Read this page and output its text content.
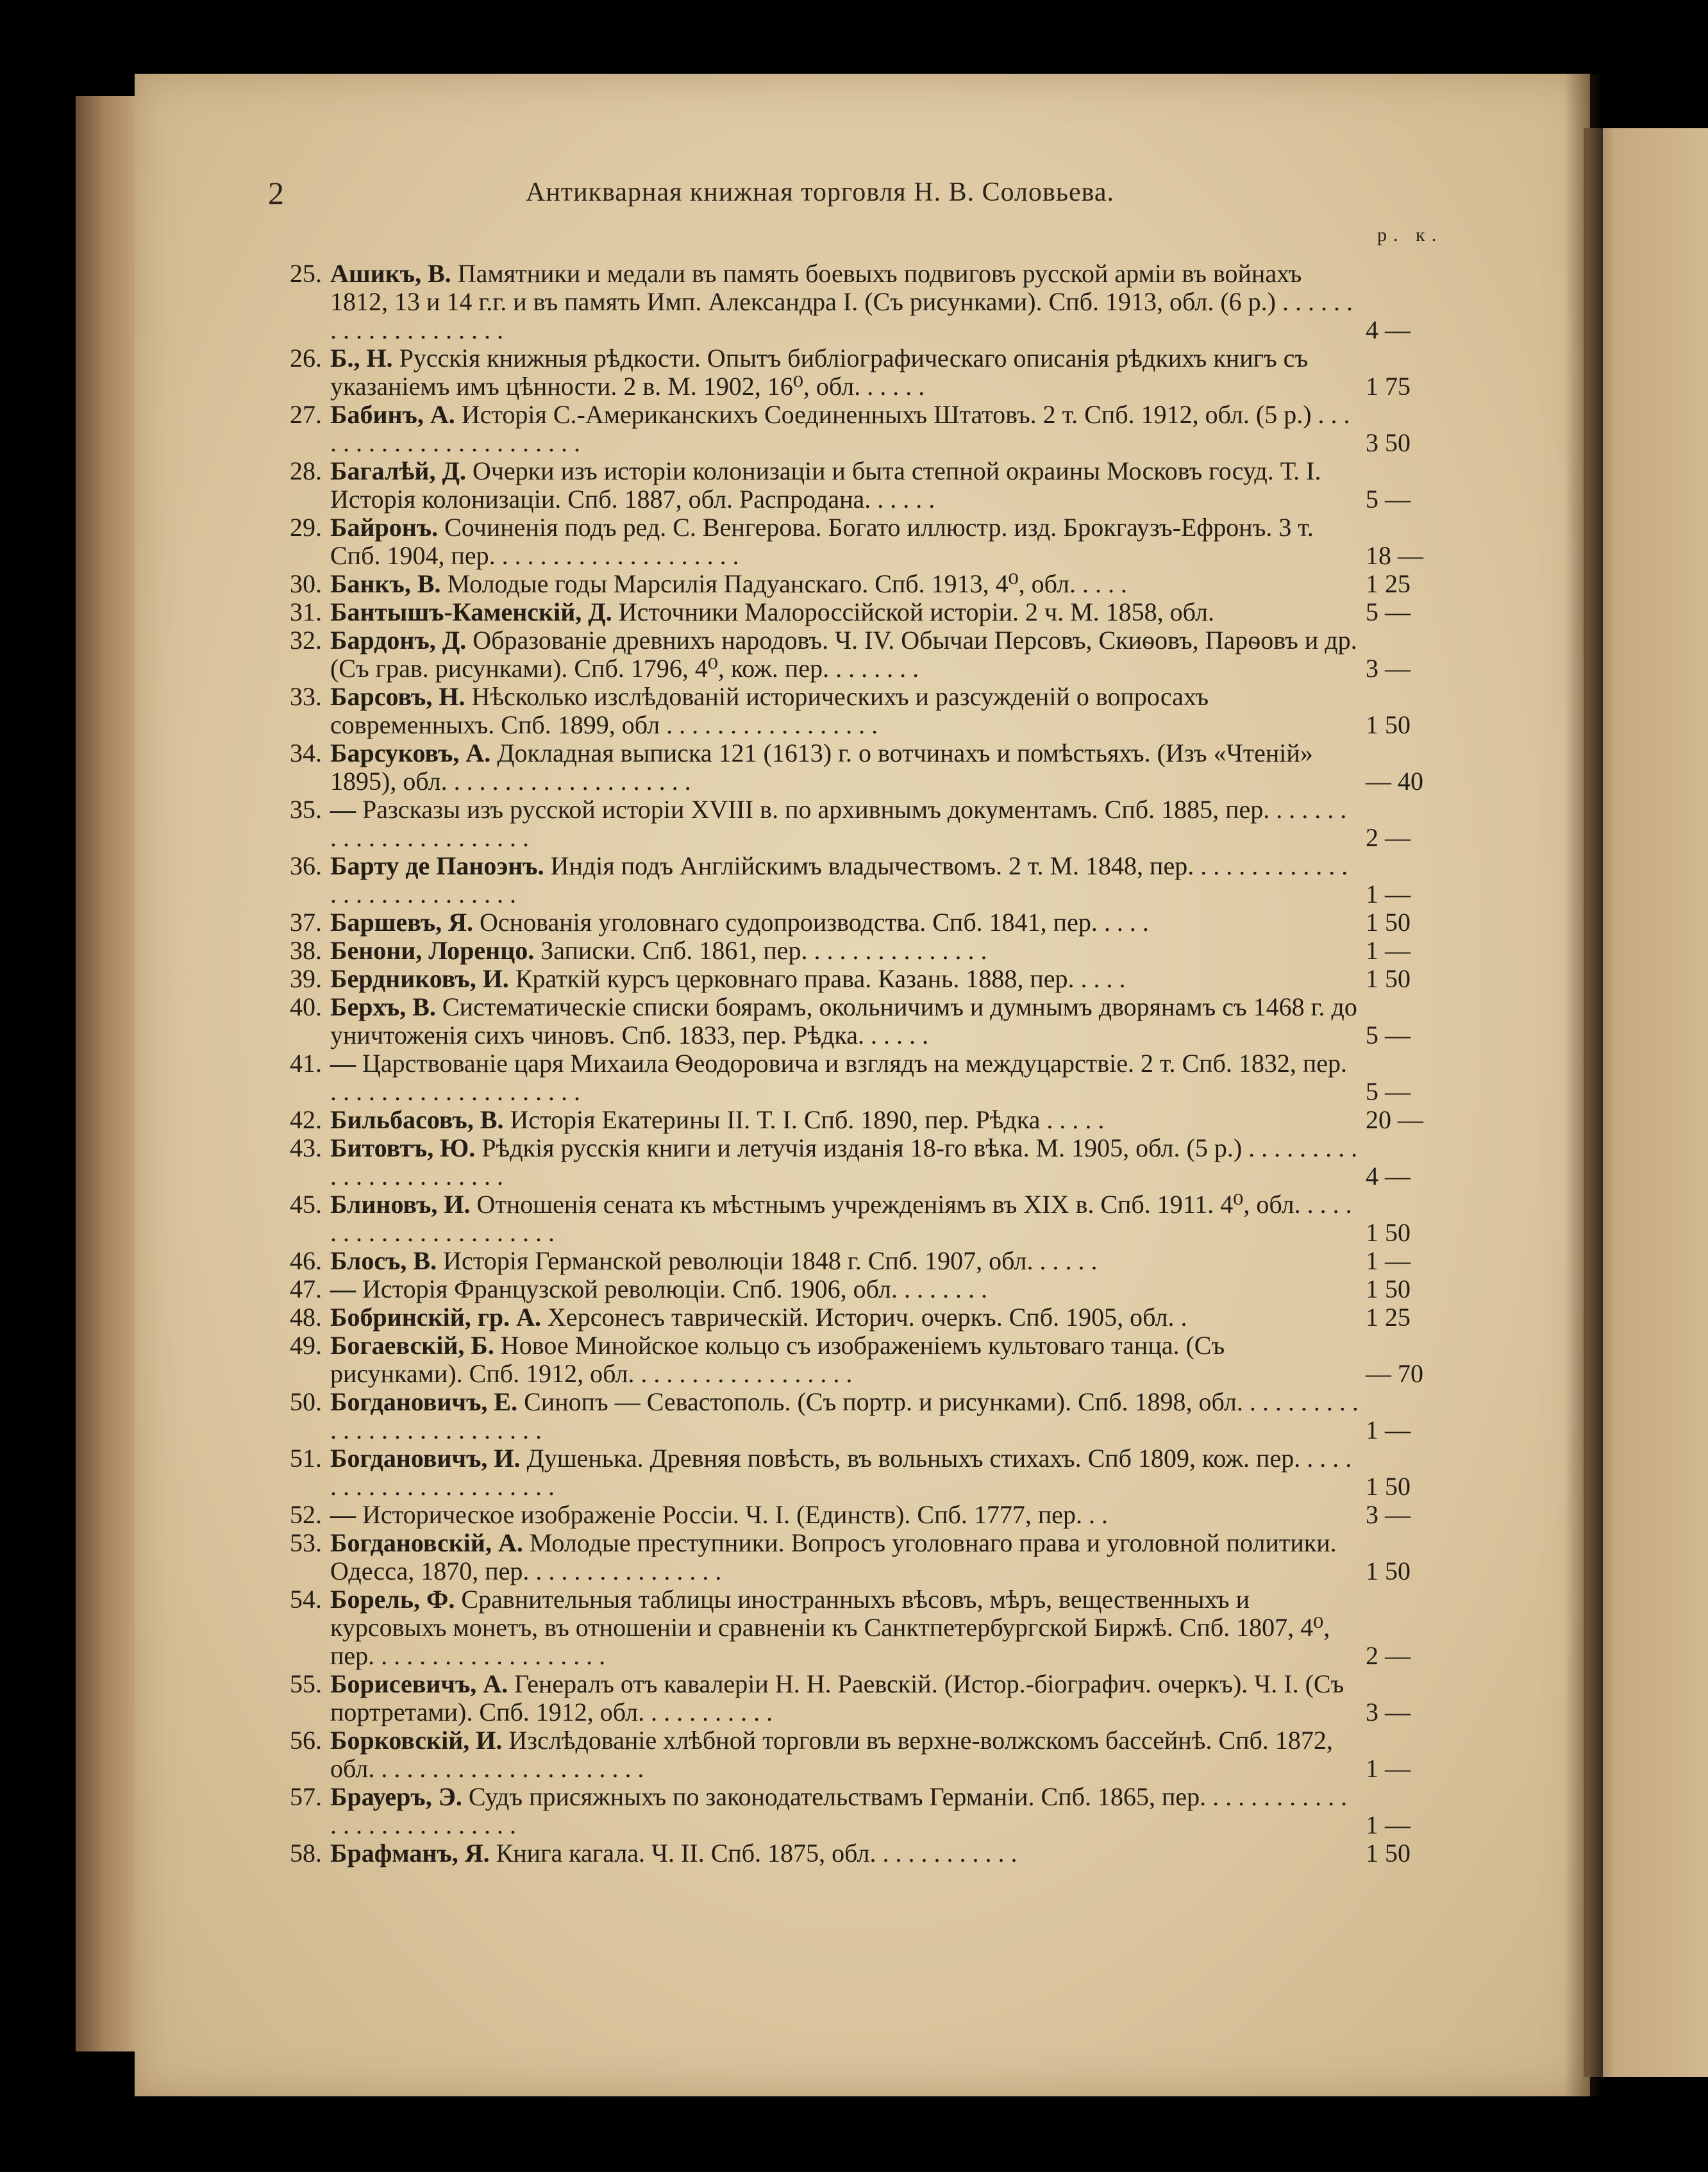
2	Антикварная книжная торговля Н. В. Соловьева.
р. к.
25. Ашикъ, В. Памятники и медали въ память боевыхъ подвиговъ русской арміи въ войнахъ 1812, 13 и 14 г.г. и въ память Имп. Александра I. (Съ рисунками). Спб. 1913, обл. (6 р.) . . . . . . . . . . . . . . . . . . . .	4 —
26. Б., Н. Русскія книжныя рѣдкости. Опытъ библіографическаго описанія рѣдкихъ книгъ съ указаніемъ имъ цѣнности. 2 в. М. 1902, 16⁰, обл. . . . . .	1 75
27. Бабинъ, А. Исторія С.-Американскихъ Соединенныхъ Штатовъ. 2 т. Спб. 1912, обл. (5 р.) . . . . . . . . . . . . . . . . . . . . . . .	3 50
28. Багалѣй, Д. Очерки изъ исторіи колонизаціи и быта степной окраины Московъ госуд. Т. I. Исторія колонизаціи. Спб. 1887, обл. Распродана. . . . . .	5 —
29. Байронъ. Сочиненія подъ ред. С. Венгерова. Богато иллюстр. изд. Брокгаузъ-Ефронъ. 3 т. Спб. 1904, пер. . . . . . . . . . . . . . . . . . . .	18 —
30. Банкъ, В. Молодые годы Марсилія Падуанскаго. Спб. 1913, 4⁰, обл. . . . .	1 25
31. Бантышъ-Каменскій, Д. Источники Малороссійской исторіи. 2 ч. М. 1858, обл.	5 —
32. Бардонъ, Д. Образованіе древнихъ народовъ. Ч. IV. Обычаи Персовъ, Скиѳовъ, Парѳовъ и др. (Съ грав. рисунками). Спб. 1796, 4⁰, кож. пер. . . . . . . .	3 —
33. Барсовъ, Н. Нѣсколько изслѣдованій историческихъ и разсужденій о вопросахъ современныхъ. Спб. 1899, обл . . . . . . . . . . . . . . . . .	1 50
34. Барсуковъ, А. Докладная выписка 121 (1613) г. о вотчинахъ и помѣстьяхъ. (Изъ «Чтеній» 1895), обл. . . . . . . . . . . . . . . . . . . .	— 40
35. — Разсказы изъ русской исторіи XVIII в. по архивнымъ документамъ. Спб. 1885, пер. . . . . . . . . . . . . . . . . . . . . . .	2 —
36. Барту де Паноэнъ. Индія подъ Англійскимъ владычествомъ. 2 т. М. 1848, пер. . . . . . . . . . . . . . . . . . . . . . . . . . . .	1 —
37. Баршевъ, Я. Основанія уголовнаго судопроизводства. Спб. 1841, пер. . . . .	1 50
38. Бенони, Лоренцо. Записки. Спб. 1861, пер. . . . . . . . . . . . . . .	1 —
39. Бердниковъ, И. Краткій курсъ церковнаго права. Казань. 1888, пер. . . . .	1 50
40. Берхъ, В. Систематическіе списки боярамъ, окольничимъ и думнымъ дворянамъ съ 1468 г. до уничтоженія сихъ чиновъ. Спб. 1833, пер. Рѣдка. . . . . .	5 —
41. — Царствованіе царя Михаила Ѳеодоровича и взглядъ на междуцарствіе. 2 т. Спб. 1832, пер. . . . . . . . . . . . . . . . . . . . .	5 —
42. Бильбасовъ, В. Исторія Екатерины II. Т. I. Спб. 1890, пер. Рѣдка . . . . .	20 —
43. Битовтъ, Ю. Рѣдкія русскія книги и летучія изданія 18-го вѣка. М. 1905, обл. (5 р.) . . . . . . . . . . . . . . . . . . . . . . .	4 —
45. Блиновъ, И. Отношенія сената къ мѣстнымъ учрежденіямъ въ XIX в. Спб. 1911. 4⁰, обл. . . . . . . . . . . . . . . . . . . . . . .	1 50
46. Блосъ, В. Исторія Германской революціи 1848 г. Спб. 1907, обл. . . . . .	1 —
47. — Исторія Французской революціи. Спб. 1906, обл. . . . . . . .	1 50
48. Бобринскій, гр. А. Херсонесъ таврическій. Историч. очеркъ. Спб. 1905, обл. .	1 25
49. Богаевскій, Б. Новое Минойское кольцо съ изображеніемъ культоваго танца. (Съ рисунками). Спб. 1912, обл. . . . . . . . . . . . . . . . . .	— 70
50. Богдановичъ, Е. Синопъ — Севастополь. (Съ портр. и рисунками). Спб. 1898, обл. . . . . . . . . . . . . . . . . . . . . . . . . . .	1 —
51. Богдановичъ, И. Душенька. Древняя повѣсть, въ вольныхъ стихахъ. Спб 1809, кож. пер. . . . . . . . . . . . . . . . . . . . . . .	1 50
52. — Историческое изображеніе Россіи. Ч. I. (Единств). Спб. 1777, пер. . .	3 —
53. Богдановскій, А. Молодые преступники. Вопросъ уголовнаго права и уголовной политики. Одесса, 1870, пер. . . . . . . . . . . . . . . .	1 50
54. Борель, Ф. Сравнительныя таблицы иностранныхъ вѣсовъ, мѣръ, вещественныхъ и курсовыхъ монетъ, въ отношеніи и сравненіи къ Санктпетербургской Биржѣ. Спб. 1807, 4⁰, пер. . . . . . . . . . . . . . . . . . .	2 —
55. Борисевичъ, А. Генералъ отъ кавалеріи Н. Н. Раевскій. (Истор.-біографич. очеркъ). Ч. I. (Съ портретами). Спб. 1912, обл. . . . . . . . . . .	3 —
56. Борковскій, И. Изслѣдованіе хлѣбной торговли въ верхне-волжскомъ бассейнѣ. Спб. 1872, обл. . . . . . . . . . . . . . . . . . . . . .	1 —
57. Брауеръ, Э. Судъ присяжныхъ по законодательствамъ Германіи. Спб. 1865, пер. . . . . . . . . . . . . . . . . . . . . . . . . . .	1 —
58. Брафманъ, Я. Книга кагала. Ч. II. Спб. 1875, обл. . . . . . . . . . . .	1 50
